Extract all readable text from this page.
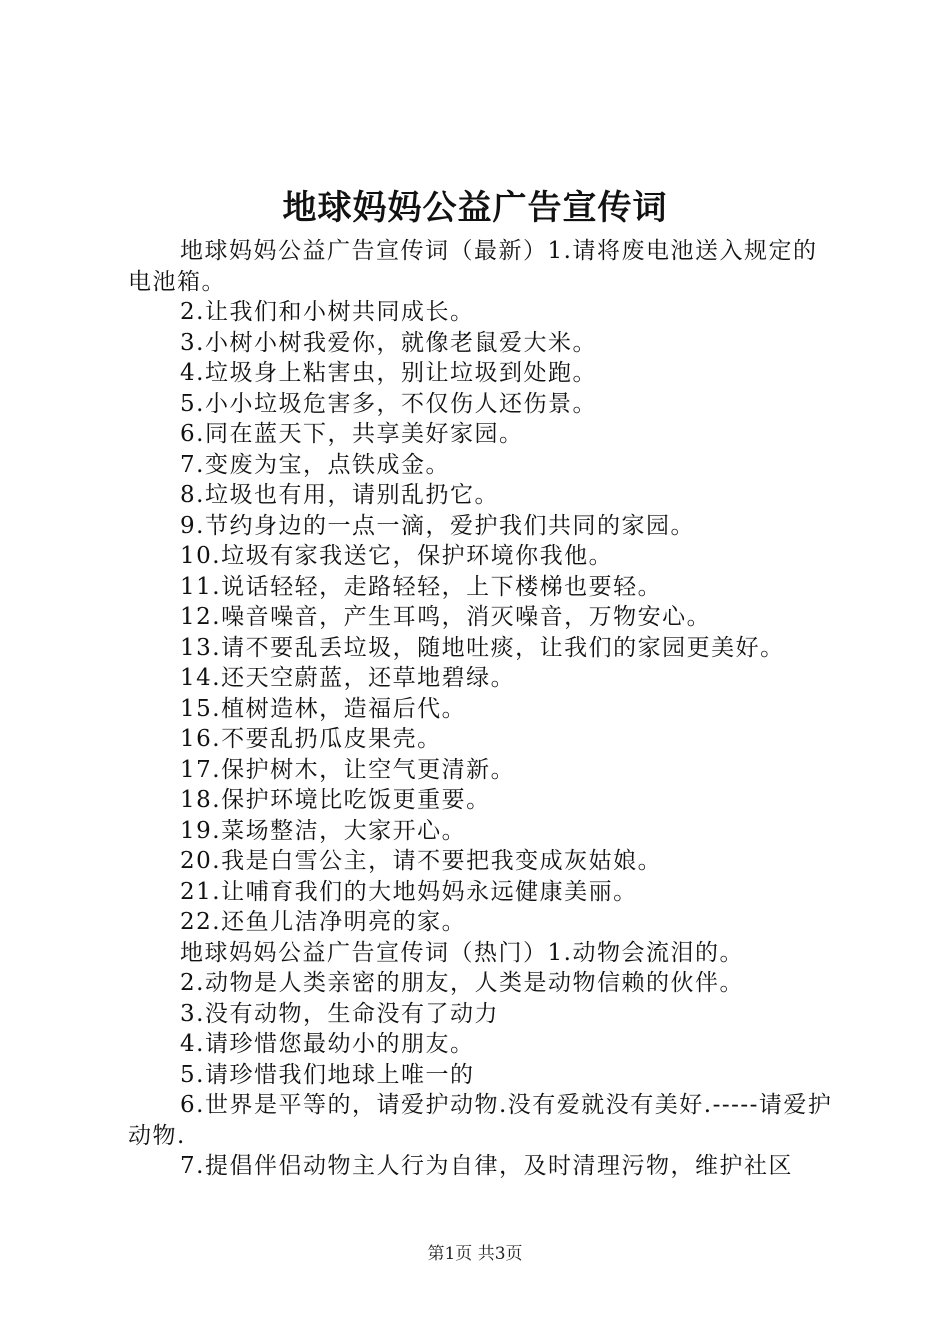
地球妈妈公益广告宣传词

地球妈妈公益广告宣传词（最新）1.请将废电池送入规定的电池箱。

2.让我们和小树共同成长。

3.小树小树我爱你，就像老鼠爱大米。

4.垃圾身上粘害虫，别让垃圾到处跑。

5.小小垃圾危害多，不仅伤人还伤景。

6.同在蓝天下，共享美好家园。

7.变废为宝，点铁成金。

8.垃圾也有用，请别乱扔它。

9.节约身边的一点一滴，爱护我们共同的家园。

10.垃圾有家我送它，保护环境你我他。

11.说话轻轻，走路轻轻，上下楼梯也要轻。

12.噪音噪音，产生耳鸣，消灭噪音，万物安心。

13.请不要乱丢垃圾，随地吐痰，让我们的家园更美好。

14.还天空蔚蓝，还草地碧绿。

15.植树造林，造福后代。

16.不要乱扔瓜皮果壳。

17.保护树木，让空气更清新。

18.保护环境比吃饭更重要。

19.菜场整洁，大家开心。

20.我是白雪公主，请不要把我变成灰姑娘。

21.让哺育我们的大地妈妈永远健康美丽。

22.还鱼儿洁净明亮的家。

地球妈妈公益广告宣传词（热门）1.动物会流泪的。

2.动物是人类亲密的朋友，人类是动物信赖的伙伴。

3.没有动物，生命没有了动力

4.请珍惜您最幼小的朋友。

5.请珍惜我们地球上唯一的

6.世界是平等的，请爱护动物.没有爱就没有美好.-----请爱护动物.

7.提倡伴侣动物主人行为自律，及时清理污物，维护社区

第1页 共3页
